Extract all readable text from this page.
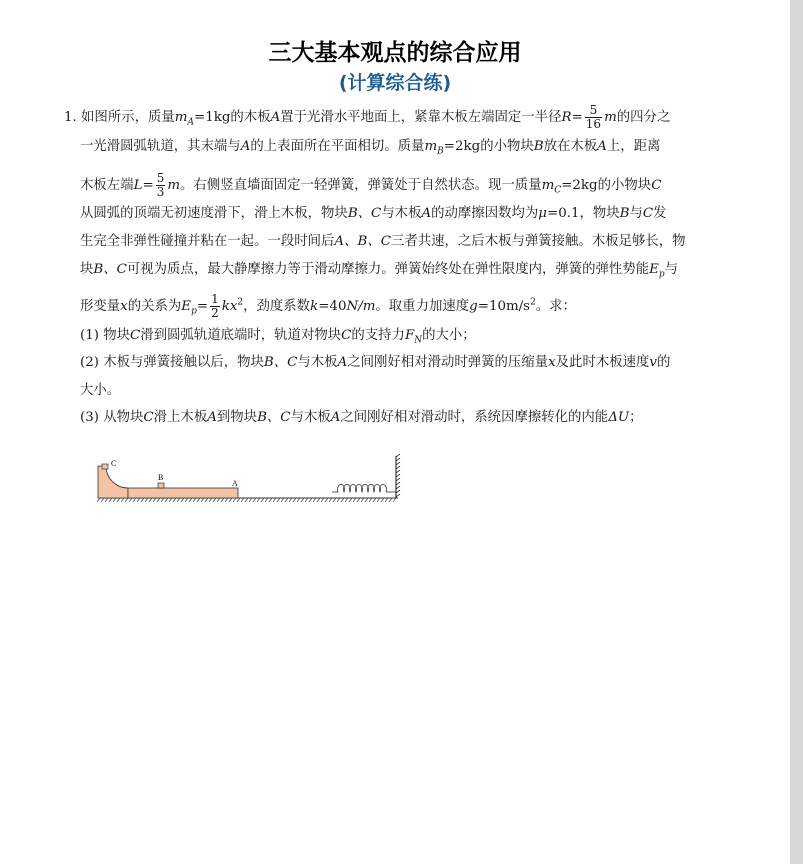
三大基本观点的综合应用
(计算综合练)
1. 如图所示，质量$m_A=1kg$的木板A置于光滑水平地面上，紧靠木板左端固定一半径$R= \frac{5}{16}$ m的四分之
一光滑圆弧轨道，其末端与A的上表面所在平面相切。质量$m_B=2kg$的小物块B放在木板A上，距离
木板左端$L= \frac{5}{3}$ m。右侧竖直墙面固定一轻弹簧，弹簧处于自然状态。现一质量$m_C=2kg$的小物块C
从圆弧的顶端无初速度滑下，滑上木板，物块B、C与木板A的动摩擦因数均为μ=0.1，物块B与C发
生完全非弹性碰撞并粘在一起。一段时间后A、B、C三者共速，之后木板与弹簧接触。木板足够长，物
块B、C可视为质点，最大静摩擦力等于滑动摩擦力。弹簧始终处在弹性限度内，弹簧的弹性势能$E_p$与
形变量x的关系为$E_p= \frac{1}{2} kx^2$，劲度系数k=40N/m。取重力加速度$g=10m/s^2$。求：
(1) 物块C滑到圆弧轨道底端时，轨道对物块C的支持力$F_N$的大小；
(2) 木板与弹簧接触以后，物块B、C与木板A之间刚好相对滑动时弹簧的压缩量x及此时木板速度v的
大小。
(3) 从物块C滑上木板A到物块B、C与木板A之间刚好相对滑动时，系统因摩擦转化的内能ΔU；
C
A
B
